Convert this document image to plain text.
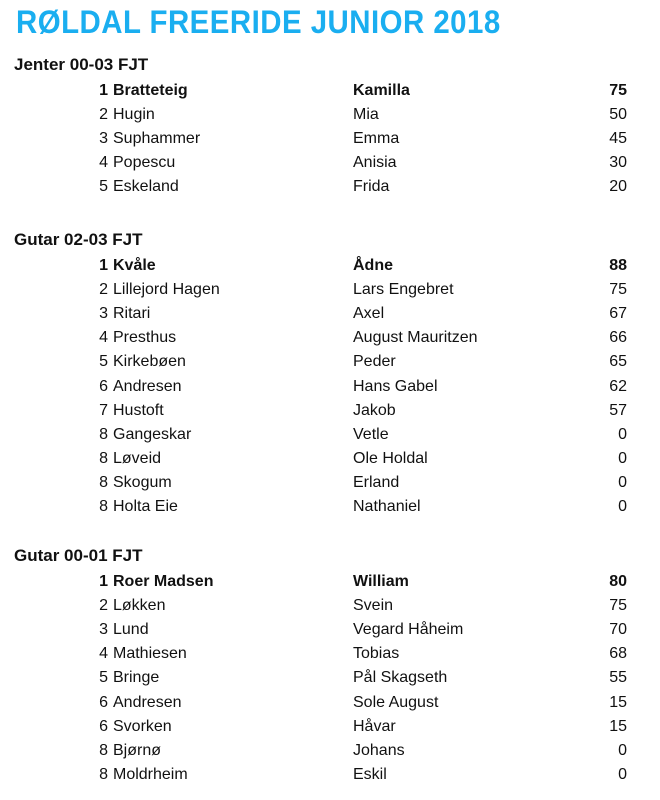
RØLDAL FREERIDE JUNIOR 2018
Jenter 00-03 FJT
1 Bratteteig	Kamilla	75
2 Hugin	Mia	50
3 Suphammer	Emma	45
4 Popescu	Anisia	30
5 Eskeland	Frida	20
Gutar 02-03 FJT
1 Kvåle	Ådne	88
2 Lillejord Hagen	Lars Engebret	75
3 Ritari	Axel	67
4 Presthus	August Mauritzen	66
5 Kirkebøen	Peder	65
6 Andresen	Hans Gabel	62
7 Hustoft	Jakob	57
8 Gangeskar	Vetle	0
8 Løveid	Ole Holdal	0
8 Skogum	Erland	0
8 Holta Eie	Nathaniel	0
Gutar 00-01 FJT
1 Roer Madsen	William	80
2 Løkken	Svein	75
3 Lund	Vegard Håheim	70
4 Mathiesen	Tobias	68
5 Bringe	Pål Skagseth	55
6 Andresen	Sole August	15
6 Svorken	Håvar	15
8 Bjørnø	Johans	0
8 Moldrheim	Eskil	0
